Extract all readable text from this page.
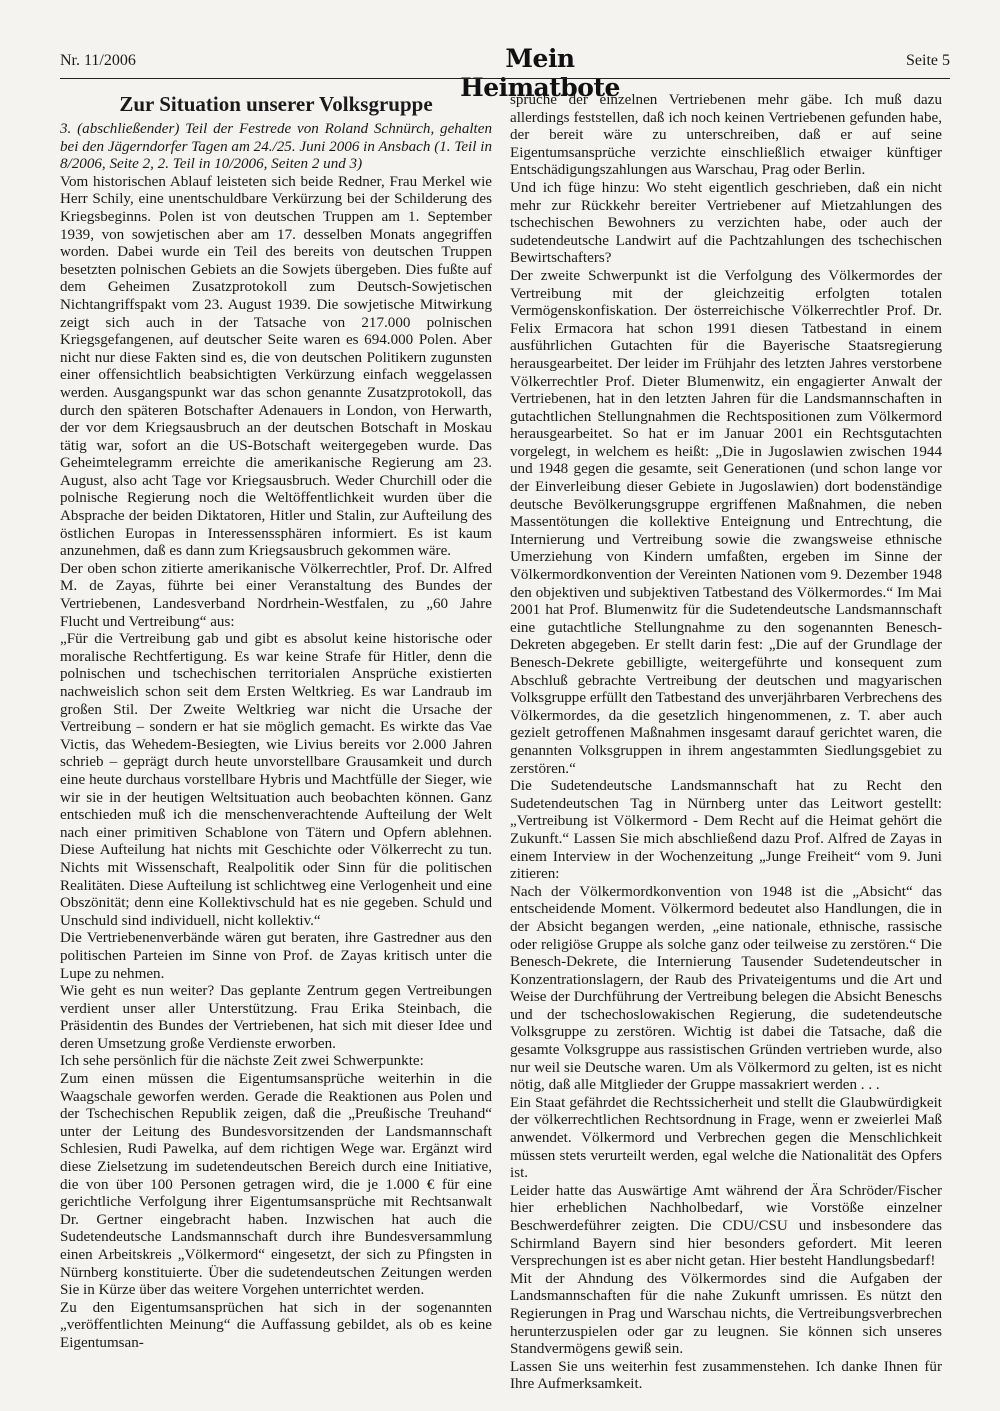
Nr. 11/2006	Mein Heimatbote
Seite 5
Zur Situation unserer Volksgruppe

3. (abschließender) Teil der Festrede von Roland Schnürch, gehalten bei den Jägerndorfer Tagen am 24./25. Juni 2006 in Ansbach (1. Teil in 8/2006, Seite 2, 2. Teil in 10/2006, Seiten 2 und 3)

Vom historischen Ablauf leisteten sich beide Redner, Frau Merkel wie Herr Schily, eine unentschuldbare Verkürzung bei der Schilderung des Kriegsbeginns. Polen ist von deutschen Truppen am 1. September 1939, von sowjetischen aber am 17. desselben Monats angegriffen worden. Dabei wurde ein Teil des bereits von deutschen Truppen besetzten polnischen Gebiets an die Sowjets übergeben. Dies fußte auf dem Geheimen Zusatzprotokoll zum Deutsch-Sowjetischen Nichtangriffspakt vom 23. August 1939. Die sowjetische Mitwirkung zeigt sich auch in der Tatsache von 217.000 polnischen Kriegsgefangenen, auf deutscher Seite waren es 694.000 Polen. Aber nicht nur diese Fakten sind es, die von deutschen Politikern zugunsten einer offensichtlich beabsichtigten Verkürzung einfach weggelassen werden. Ausgangspunkt war das schon genannte Zusatzprotokoll, das durch den späteren Botschafter Adenauers in London, von Herwarth, der vor dem Kriegsausbruch an der deutschen Botschaft in Moskau tätig war, sofort an die US-Botschaft weitergegeben wurde. Das Geheimtelegramm erreichte die amerikanische Regierung am 23. August, also acht Tage vor Kriegsausbruch. Weder Churchill oder die polnische Regierung noch die Weltöffentlichkeit wurden über die Absprache der beiden Diktatoren, Hitler und Stalin, zur Aufteilung des östlichen Europas in Interessenssphären informiert. Es ist kaum anzunehmen, daß es dann zum Kriegsausbruch gekommen wäre.

Der oben schon zitierte amerikanische Völkerrechtler, Prof. Dr. Alfred M. de Zayas, führte bei einer Veranstaltung des Bundes der Vertriebenen, Landesverband Nordrhein-Westfalen, zu „60 Jahre Flucht und Vertreibung“ aus:

„Für die Vertreibung gab und gibt es absolut keine historische oder moralische Rechtfertigung. Es war keine Strafe für Hitler, denn die polnischen und tschechischen territorialen Ansprüche existierten nachweislich schon seit dem Ersten Weltkrieg. Es war Landraub im großen Stil. Der Zweite Weltkrieg war nicht die Ursache der Vertreibung – sondern er hat sie möglich gemacht. Es wirkte das Vae Victis, das Wehedem-Besiegten, wie Livius bereits vor 2.000 Jahren schrieb – geprägt durch heute unvorstellbare Grausamkeit und durch eine heute durchaus vorstellbare Hybris und Machtfülle der Sieger, wie wir sie in der heutigen Weltsituation auch beobachten können. Ganz entschieden muß ich die menschenverachtende Aufteilung der Welt nach einer primitiven Schablone von Tätern und Opfern ablehnen. Diese Aufteilung hat nichts mit Geschichte oder Völkerrecht zu tun. Nichts mit Wissenschaft, Realpolitik oder Sinn für die politischen Realitäten. Diese Aufteilung ist schlichtweg eine Verlogenheit und eine Obszönität; denn eine Kollektivschuld hat es nie gegeben. Schuld und Unschuld sind individuell, nicht kollektiv.“

Die Vertriebenenverbände wären gut beraten, ihre Gastredner aus den politischen Parteien im Sinne von Prof. de Zayas kritisch unter die Lupe zu nehmen.

Wie geht es nun weiter? Das geplante Zentrum gegen Vertreibungen verdient unser aller Unterstützung. Frau Erika Steinbach, die Präsidentin des Bundes der Vertriebenen, hat sich mit dieser Idee und deren Umsetzung große Verdienste erworben.

Ich sehe persönlich für die nächste Zeit zwei Schwerpunkte:

Zum einen müssen die Eigentumsansprüche weiterhin in die Waagschale geworfen werden. Gerade die Reaktionen aus Polen und der Tschechischen Republik zeigen, daß die „Preußische Treuhand“ unter der Leitung des Bundesvorsitzenden der Landsmannschaft Schlesien, Rudi Pawelka, auf dem richtigen Wege war. Ergänzt wird diese Zielsetzung im sudetendeutschen Bereich durch eine Initiative, die von über 100 Personen getragen wird, die je 1.000 € für eine gerichtliche Verfolgung ihrer Eigentumsansprüche mit Rechtsanwalt Dr. Gertner eingebracht haben. Inzwischen hat auch die Sudetendeutsche Landsmannschaft durch ihre Bundesversammlung einen Arbeitskreis „Völkermord“ eingesetzt, der sich zu Pfingsten in Nürnberg konstituierte. Über die sudetendeutschen Zeitungen werden Sie in Kürze über das weitere Vorgehen unterrichtet werden.

Zu den Eigentumsansprüchen hat sich in der sogenannten „veröffentlichten Meinung“ die Auffassung gebildet, als ob es keine Eigentumsan-

sprüche der einzelnen Vertriebenen mehr gäbe. Ich muß dazu allerdings feststellen, daß ich noch keinen Vertriebenen gefunden habe, der bereit wäre zu unterschreiben, daß er auf seine Eigentumsansprüche verzichte einschließlich etwaiger künftiger Entschädigungszahlungen aus Warschau, Prag oder Berlin.

Und ich füge hinzu: Wo steht eigentlich geschrieben, daß ein nicht mehr zur Rückkehr bereiter Vertriebener auf Mietzahlungen des tschechischen Bewohners zu verzichten habe, oder auch der sudetendeutsche Landwirt auf die Pachtzahlungen des tschechischen Bewirtschafters?

Der zweite Schwerpunkt ist die Verfolgung des Völkermordes der Vertreibung mit der gleichzeitig erfolgten totalen Vermögenskonfiskation. Der österreichische Völkerrechtler Prof. Dr. Felix Ermacora hat schon 1991 diesen Tatbestand in einem ausführlichen Gutachten für die Bayerische Staatsregierung herausgearbeitet. Der leider im Frühjahr des letzten Jahres verstorbene Völkerrechtler Prof. Dieter Blumenwitz, ein engagierter Anwalt der Vertriebenen, hat in den letzten Jahren für die Landsmannschaften in gutachtlichen Stellungnahmen die Rechtspositionen zum Völkermord herausgearbeitet. So hat er im Januar 2001 ein Rechtsgutachten vorgelegt, in welchem es heißt: „Die in Jugoslawien zwischen 1944 und 1948 gegen die gesamte, seit Generationen (und schon lange vor der Einverleibung dieser Gebiete in Jugoslawien) dort bodenständige deutsche Bevölkerungsgruppe ergriffenen Maßnahmen, die neben Massentötungen die kollektive Enteignung und Entrechtung, die Internierung und Vertreibung sowie die zwangsweise ethnische Umerziehung von Kindern umfaßten, ergeben im Sinne der Völkermordkonvention der Vereinten Nationen vom 9. Dezember 1948 den objektiven und subjektiven Tatbestand des Völkermordes.“ Im Mai 2001 hat Prof. Blumenwitz für die Sudetendeutsche Landsmannschaft eine gutachtliche Stellungnahme zu den sogenannten Benesch-Dekreten abgegeben. Er stellt darin fest: „Die auf der Grundlage der Benesch-Dekrete gebilligte, weitergeführte und konsequent zum Abschluß gebrachte Vertreibung der deutschen und magyarischen Volksgruppe erfüllt den Tatbestand des unverjährbaren Verbrechens des Völkermordes, da die gesetzlich hingenommenen, z. T. aber auch gezielt getroffenen Maßnahmen insgesamt darauf gerichtet waren, die genannten Volksgruppen in ihrem angestammten Siedlungsgebiet zu zerstören.“

Die Sudetendeutsche Landsmannschaft hat zu Recht den Sudetendeutschen Tag in Nürnberg unter das Leitwort gestellt: „Vertreibung ist Völkermord - Dem Recht auf die Heimat gehört die Zukunft.“ Lassen Sie mich abschließend dazu Prof. Alfred de Zayas in einem Interview in der Wochenzeitung „Junge Freiheit“ vom 9. Juni zitieren:

Nach der Völkermordkonvention von 1948 ist die „Absicht“ das entscheidende Moment. Völkermord bedeutet also Handlungen, die in der Absicht begangen werden, „eine nationale, ethnische, rassische oder religiöse Gruppe als solche ganz oder teilweise zu zerstören.“ Die Benesch-Dekrete, die Internierung Tausender Sudetendeutscher in Konzentrationslagern, der Raub des Privateigentums und die Art und Weise der Durchführung der Vertreibung belegen die Absicht Beneschs und der tschechoslowakischen Regierung, die sudetendeutsche Volksgruppe zu zerstören. Wichtig ist dabei die Tatsache, daß die gesamte Volksgruppe aus rassistischen Gründen vertrieben wurde, also nur weil sie Deutsche waren. Um als Völkermord zu gelten, ist es nicht nötig, daß alle Mitglieder der Gruppe massakriert werden . . .

Ein Staat gefährdet die Rechtssicherheit und stellt die Glaubwürdigkeit der völkerrechtlichen Rechtsordnung in Frage, wenn er zweierlei Maß anwendet. Völkermord und Verbrechen gegen die Menschlichkeit müssen stets verurteilt werden, egal welche die Nationalität des Opfers ist.

Leider hatte das Auswärtige Amt während der Ära Schröder/Fischer hier erheblichen Nachholbedarf, wie Vorstöße einzelner Beschwerdeführer zeigten. Die CDU/CSU und insbesondere das Schirmland Bayern sind hier besonders gefordert. Mit leeren Versprechungen ist es aber nicht getan. Hier besteht Handlungsbedarf!

Mit der Ahndung des Völkermordes sind die Aufgaben der Landsmannschaften für die nahe Zukunft umrissen. Es nützt den Regierungen in Prag und Warschau nichts, die Vertreibungsverbrechen herunterzuspielen oder gar zu leugnen. Sie können sich unseres Standvermögens gewiß sein.

Lassen Sie uns weiterhin fest zusammenstehen. Ich danke Ihnen für Ihre Aufmerksamkeit.
